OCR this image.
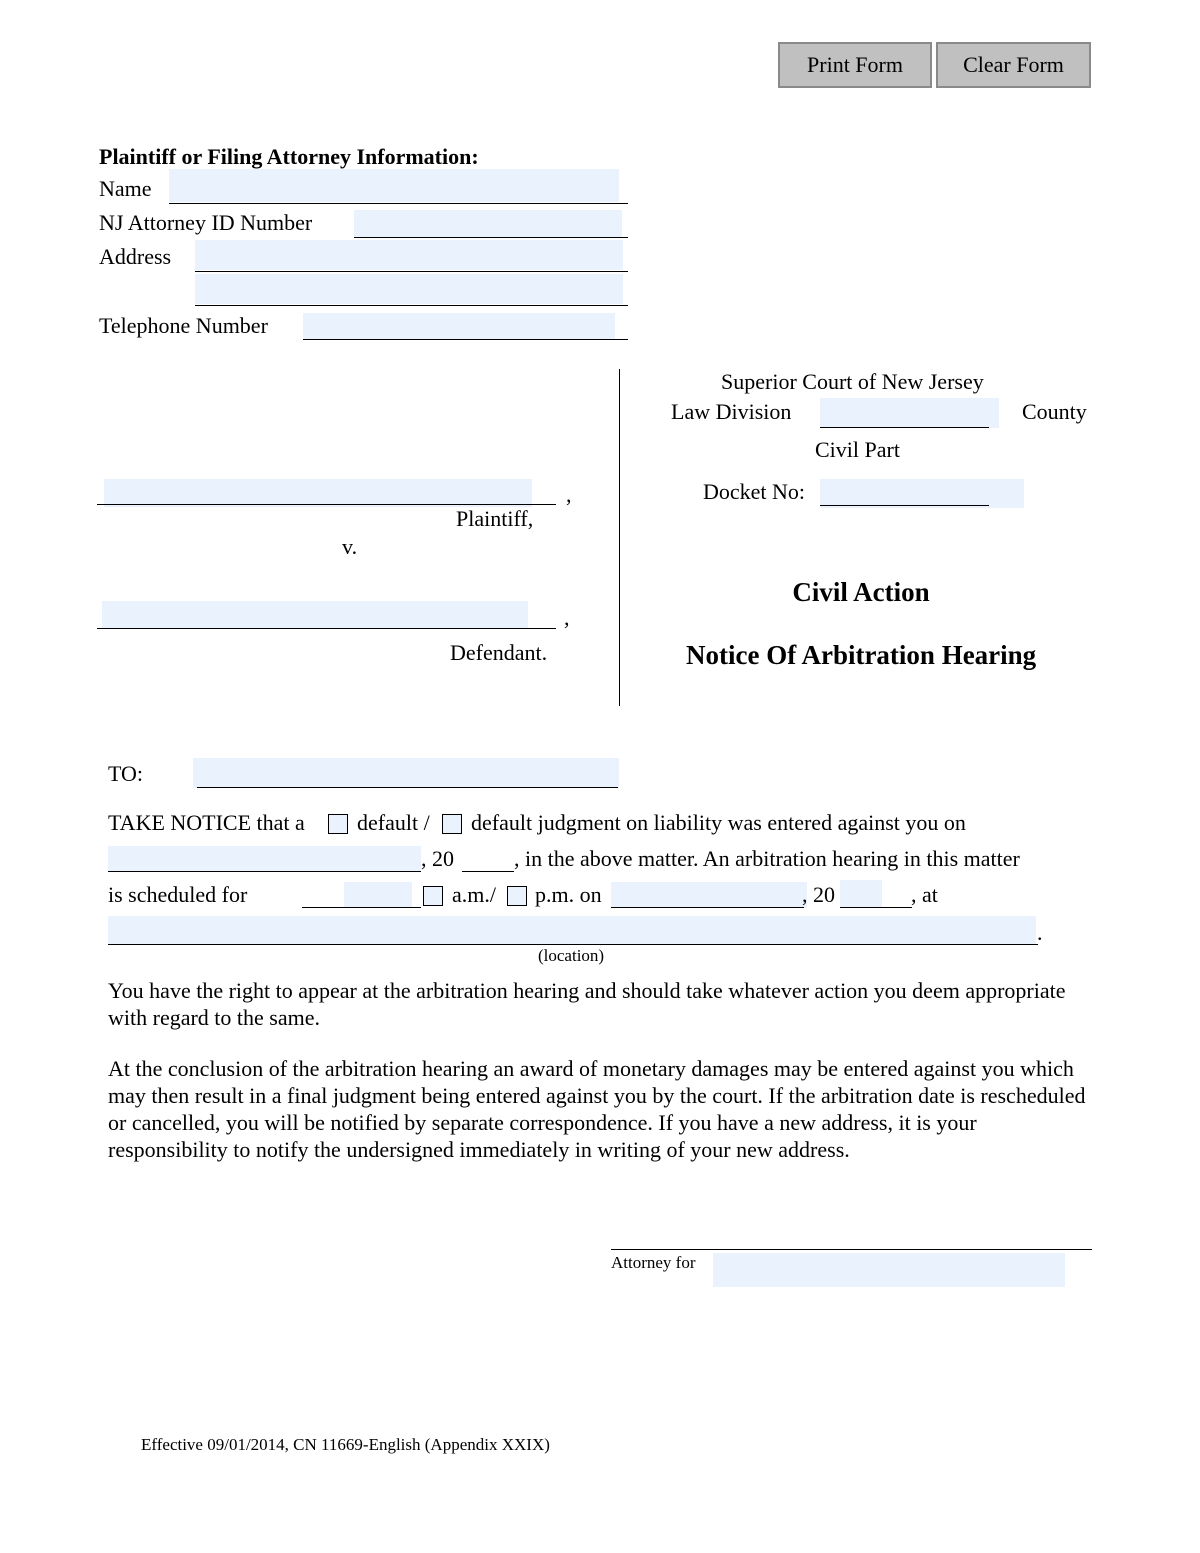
Print Form	Clear Form
Plaintiff or Filing Attorney Information:
Name
NJ Attorney ID Number
Address
Telephone Number
Superior Court of New Jersey
Law Division	County
Civil Part
Docket No:
Civil Action
Notice Of Arbitration Hearing
,
Plaintiff,
v.
,
Defendant.
TO:
TAKE NOTICE that a default / default judgment on liability was entered against you on
, 20	, in the above matter. An arbitration hearing in this matter
is scheduled for	a.m./ p.m. on	, 20	, at
.
(location)

You have the right to appear at the arbitration hearing and should take whatever action you deem appropriate with regard to the same.

At the conclusion of the arbitration hearing an award of monetary damages may be entered against you which may then result in a final judgment being entered against you by the court. If the arbitration date is rescheduled or cancelled, you will be notified by separate correspondence. If you have a new address, it is your responsibility to notify the undersigned immediately in writing of your new address.

Attorney for
Effective 09/01/2014, CN 11669-English (Appendix XXIX)
